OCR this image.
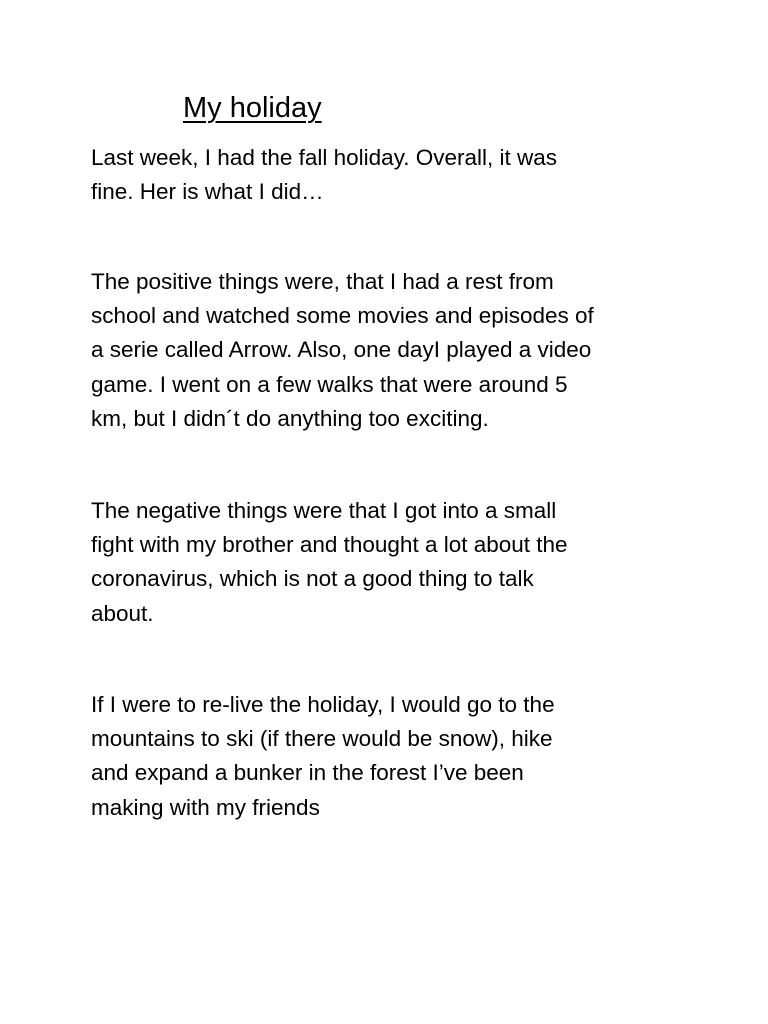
My holiday

Last week, I had the fall holiday. Overall, it was
fine. Her is what I did…

The positive things were, that I had a rest from
school and watched some movies and episodes of
a serie called Arrow. Also, one dayI played a video
game. I went on a few walks that were around 5
km, but I didn´t do anything too exciting.

The negative things were that I got into a small
fight with my brother and thought a lot about the
coronavirus, which is not a good thing to talk
about.

If I were to re-live the holiday, I would go to the
mountains to ski (if there would be snow), hike
and expand a bunker in the forest I’ve been
making with my friends
